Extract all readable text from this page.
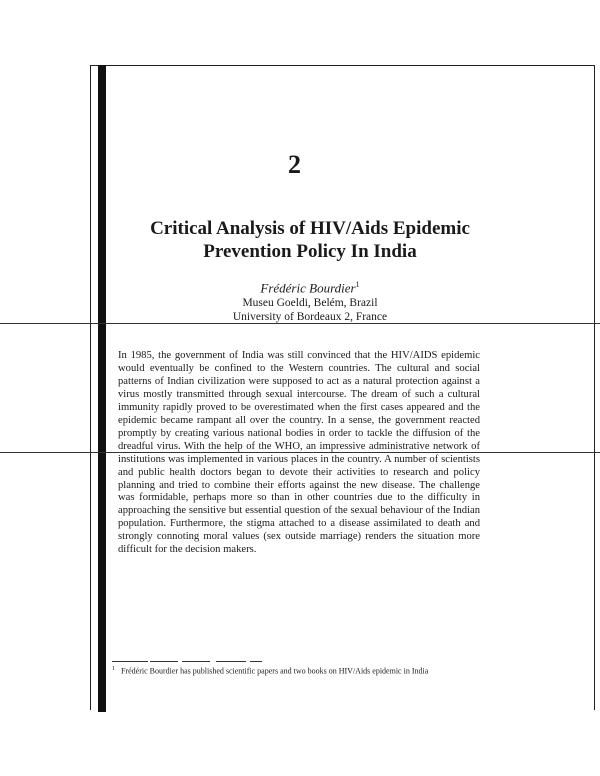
2
Critical Analysis of HIV/Aids Epidemic
Prevention Policy In India
Frédéric Bourdier$^1$
Museu Goeldi, Belém, Brazil
University of Bordeaux 2, France

In 1985, the government of India was still convinced that the HIV/AIDS epidemic would eventually be confined to the Western countries. The cultural and social patterns of Indian civilization were supposed to act as a natural protection against a virus mostly transmitted through sexual intercourse. The dream of such a cultural immunity rapidly proved to be overestimated when the first cases appeared and the epidemic became rampant all over the country. In a sense, the government reacted promptly by creating various national bodies in order to tackle the diffusion of the dreadful virus. With the help of the WHO, an impressive administrative network of institutions was implemented in various places in the country. A number of scientists and public health doctors began to devote their activities to research and policy planning and tried to combine their efforts against the new disease. The challenge was formidable, perhaps more so than in other countries due to the difficulty in approaching the sensitive but essential question of the sexual behaviour of the Indian population. Furthermore, the stigma attached to a disease assimilated to death and strongly connoting moral values (sex outside marriage) renders the situation more difficult for the decision makers.

$^1$ Frédéric Bourdier has published scientific papers and two books on HIV/Aids epidemic in India
